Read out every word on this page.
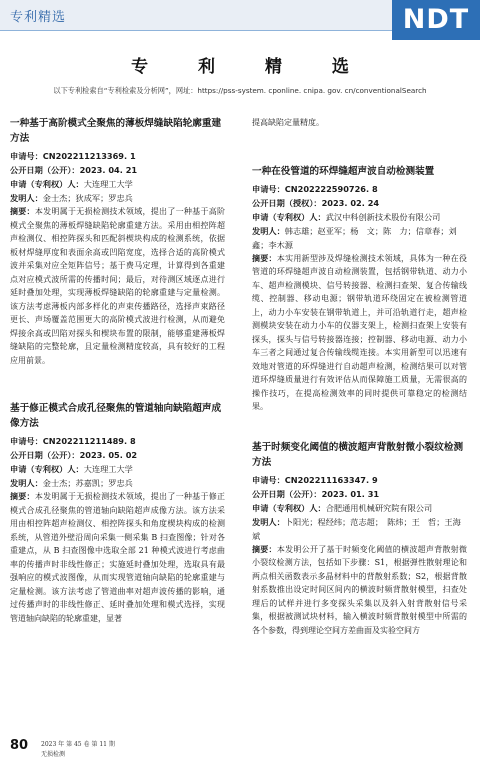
专利精选	NDT
专 利 精 选
以下专利检索自“专利检索及分析网”，网址：https://pss-system. cponline. cnipa. gov. cn/conventionalSearch
一种基于高阶模式全聚焦的薄板焊缝缺陷轮廓重建方法
申请号：CN202211213369. 1
公开日期（公开）：2023. 04. 21
申请（专利权）人：大连理工大学
发明人：金士杰；狄成军；罗忠兵
摘要：本发明属于无损检测技术领域，提出了一种基于高阶模式全聚焦的薄板焊缝缺陷轮廓重建方法。采用由相控阵超声检测仪、相控阵探头和匹配斜楔块构成的检测系统，依据板材焊缝厚度和表面余高或凹陷宽度，选择合适的高阶模式波并采集对应全矩阵信号；基于费马定理，计算得到各重建点对应模式波所需的传播时间；最后，对待测区域逐点进行延时叠加处理，实现薄板焊缝缺陷的轮廓重建与定量检测。该方法考虑薄板内部多样化的声束传播路径，选择声束路径更长、声场覆盖范围更大的高阶模式波进行检测，从而避免焊接余高或凹陷对探头和楔块布置的限制，能够重建薄板焊缝缺陷的完整轮廓，且定量检测精度较高，具有较好的工程应用前景。
基于修正模式合成孔径聚焦的管道轴向缺陷超声成像方法
申请号：CN202211211489. 8
公开日期（公开）：2023. 05. 02
申请（专利权）人：大连理工大学
发明人：金士杰；苏嘉凯；罗忠兵
摘要：本发明属于无损检测技术领域，提出了一种基于修正模式合成孔径聚焦的管道轴向缺陷超声成像方法。该方法采用由相控阵超声检测仪、相控阵探头和角度楔块构成的检测系统，从管道外壁沿周向采集一侧采集 B 扫查图像；针对各重建点，从 B 扫查图像中选取全部 21 种模式波进行考虑曲率的传播声时非线性修正；实施延时叠加处理，选取具有最强响应的模式波图像，从而实现管道轴向缺陷的轮廓重建与定量检测。该方法考虑了管道曲率对超声波传播的影响，通过传播声时的非线性修正、延时叠加处理和模式选择，实现管道轴向缺陷的轮廓重建，显著
提高缺陷定量精度。
一种在役管道的环焊缝超声波自动检测装置
申请号：CN202222590726. 8
公开日期（授权）：2023. 02. 24
申请（专利权）人：武汉中科创新技术股份有限公司
发明人：韩志雄；赵亚军；杨　文；陈　力；信章春；刘　鑫；李木源
摘要：本实用新型涉及焊缝检测技术领域，具体为一种在役管道的环焊缝超声波自动检测装置，包括钢带轨道、动力小车、超声检测模块、信号转接器、检测扫查架、复合传输线缆、控制器、移动电源；钢带轨道环绕固定在被检测管道上，动力小车安装在钢带轨道上，并可沿轨道行走，超声检测模块安装在动力小车的仪器支架上，检测扫查架上安装有探头，探头与信号转接器连接；控制器、移动电源、动力小车三者之间通过复合传输线缆连接。本实用新型可以迅速有效地对管道的环焊缝进行自动超声检测，检测结果可以对管道环焊缝质量进行有效评估从而保障施工质量，无需很高的操作技巧，在提高检测效率的同时提供可靠稳定的检测结果。
基于时频变化阈值的横波超声背散射微小裂纹检测方法
申请号：CN202211163347. 9
公开日期（公开）：2023. 01. 31
申请（专利权）人：合肥通用机械研究院有限公司
发明人：卜阳光；程经纬；范志超；　陈炜；王　哲；王海斌
摘要：本发明公开了基于时频变化阈值的横波超声背散射微小裂纹检测方法，包括如下步骤：S1，根据弹性散射理论和两点相关函数表示多晶材料中的背散射系数；S2，根据背散射系数推出设定时间区间内的横波时频背散射模型，扫查处理后的试样并进行多变探头采集以及斜入射背散射信号采集，根据被测试块材料，输入横波时频背散射模型中所需的各个参数，得到理论空间方差曲面及实验空间方
80 2023 年 第 45 卷 第 11 期
无损检测
